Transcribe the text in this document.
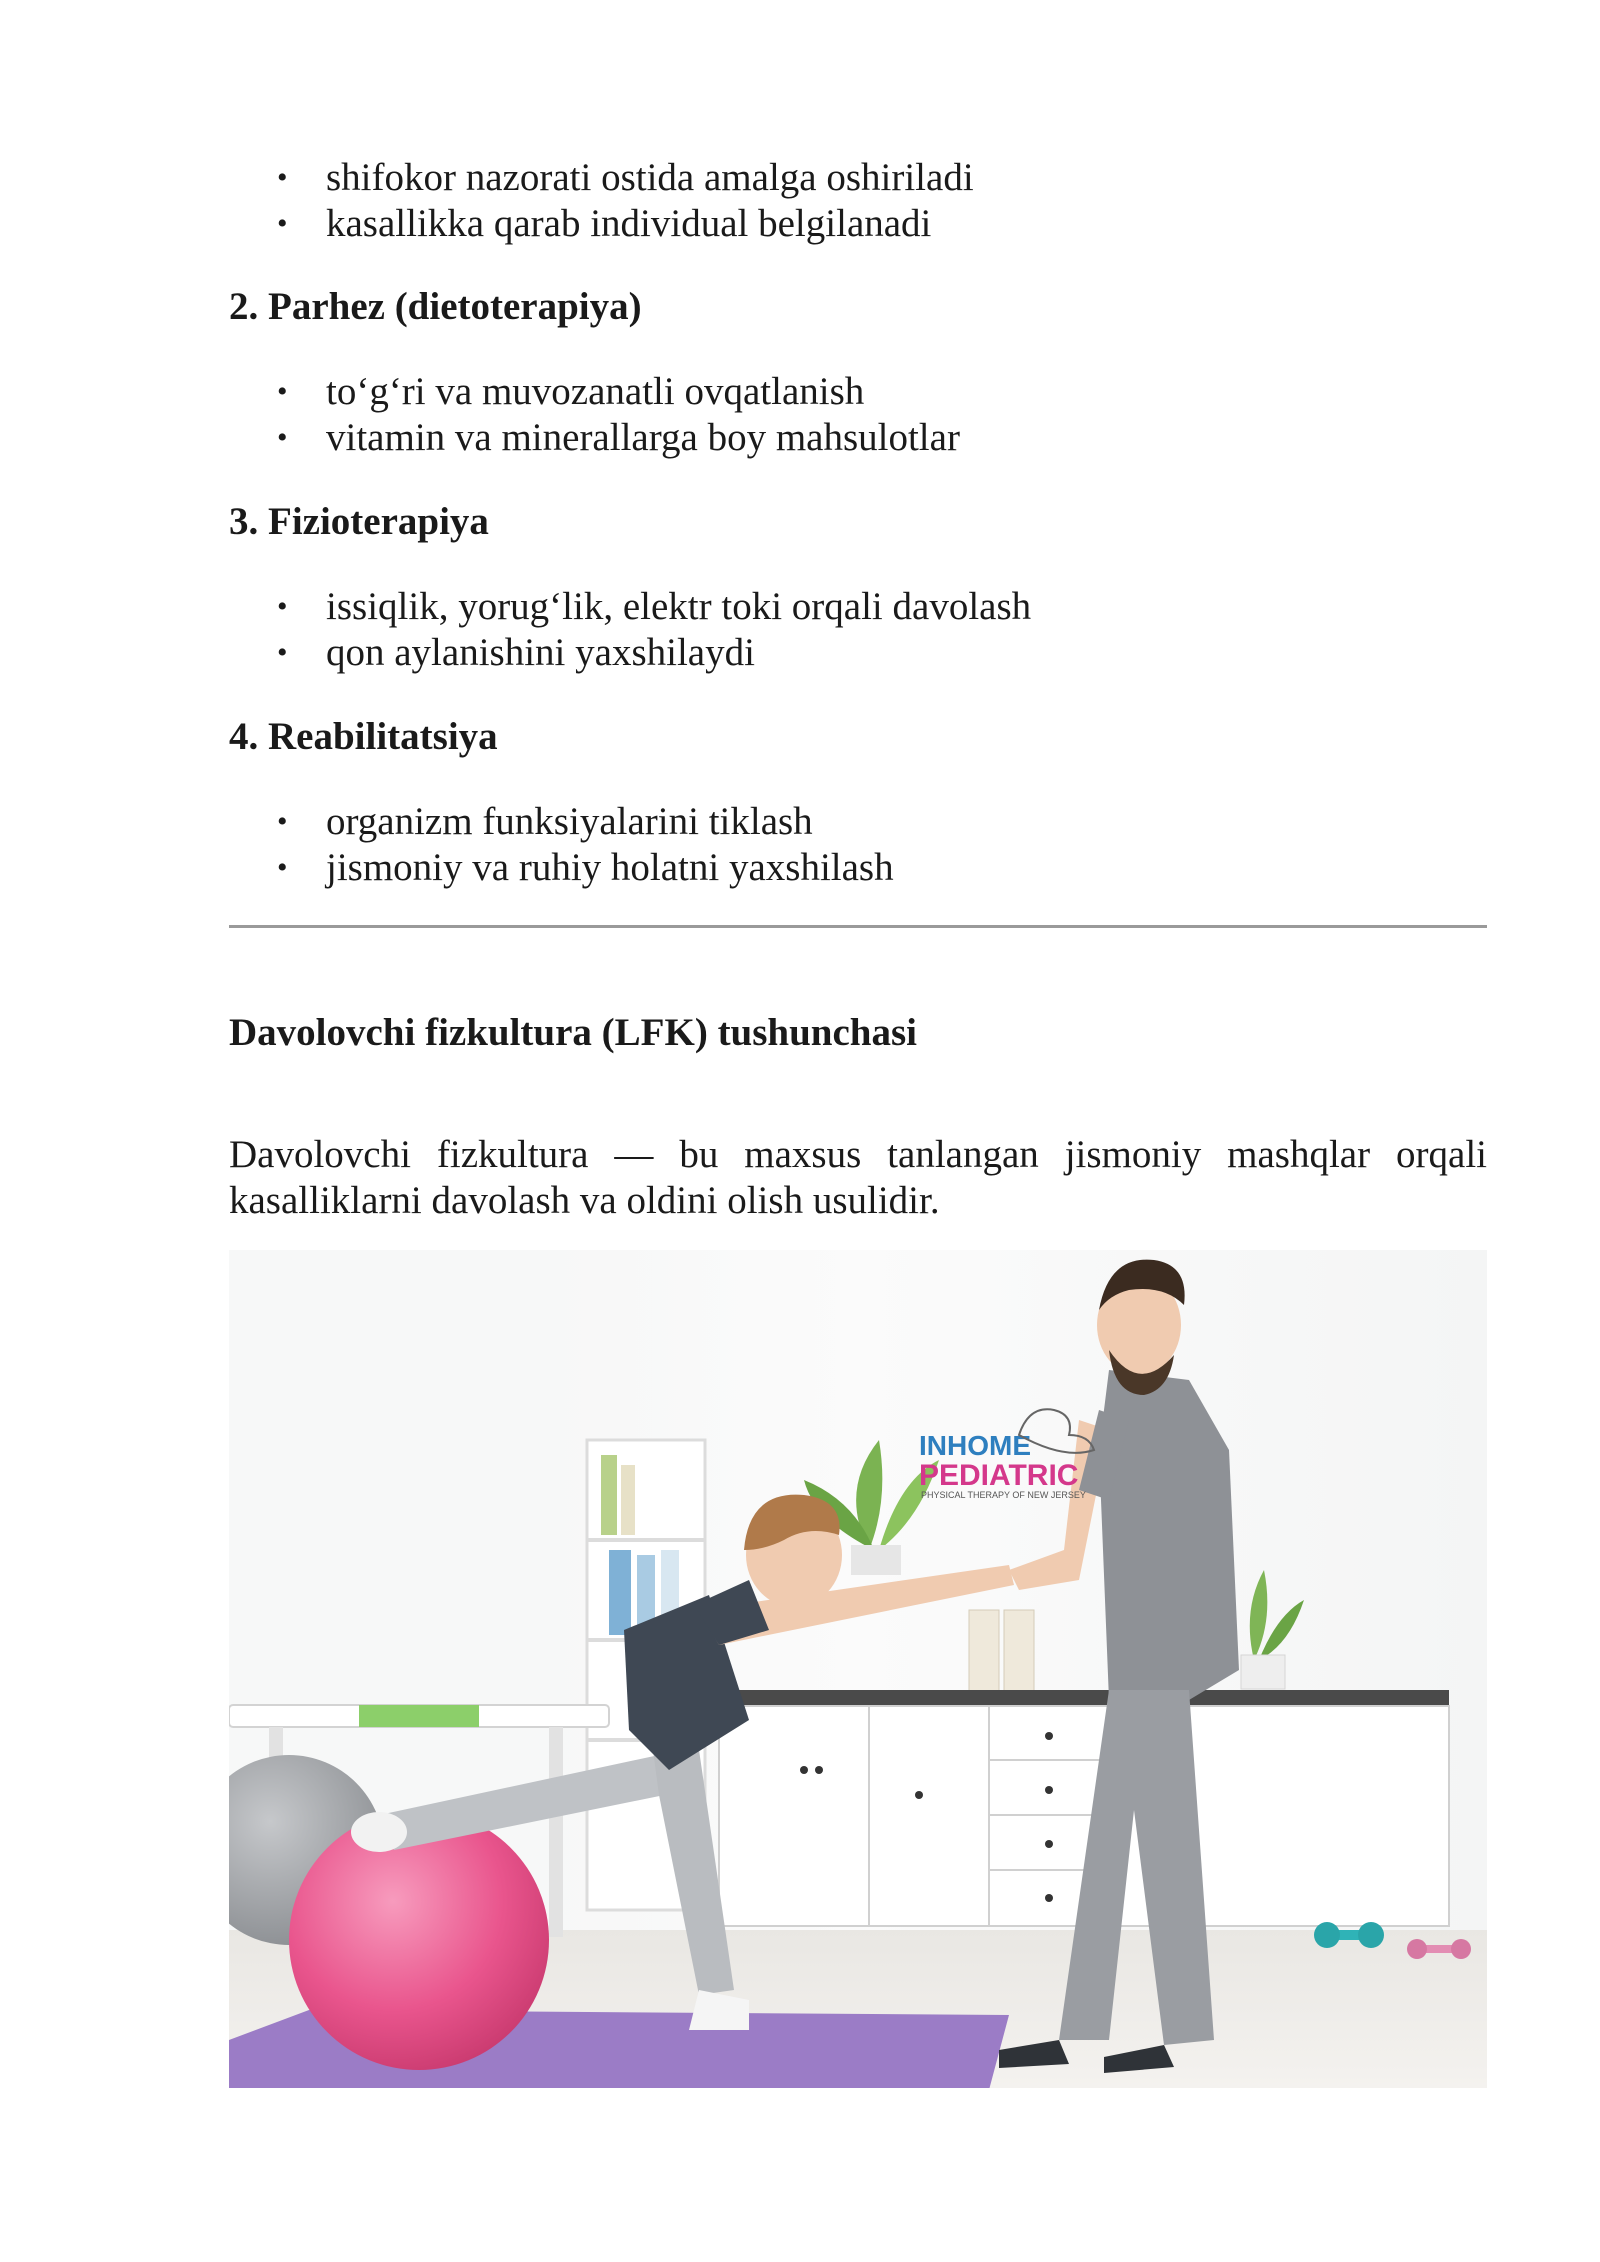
• shifokor nazorati ostida amalga oshiriladi
• kasallikka qarab individual belgilanadi
2. Parhez (dietoterapiya)
• to‘g‘ri va muvozanatli ovqatlanish
• vitamin va minerallarga boy mahsulotlar
3. Fizioterapiya
• issiqlik, yorug‘lik, elektr toki orqali davolash
• qon aylanishini yaxshilaydi
4. Reabilitatsiya
• organizm funksiyalarini tiklash
• jismoniy va ruhiy holatni yaxshilash
Davolovchi fizkultura (LFK) tushunchasi

Davolovchi fizkultura — bu maxsus tanlangan jismoniy mashqlar orqali kasalliklarni davolash va oldini olish usulidir.

INHOME
PEDIATRIC
PHYSICAL THERAPY OF NEW JERSEY
